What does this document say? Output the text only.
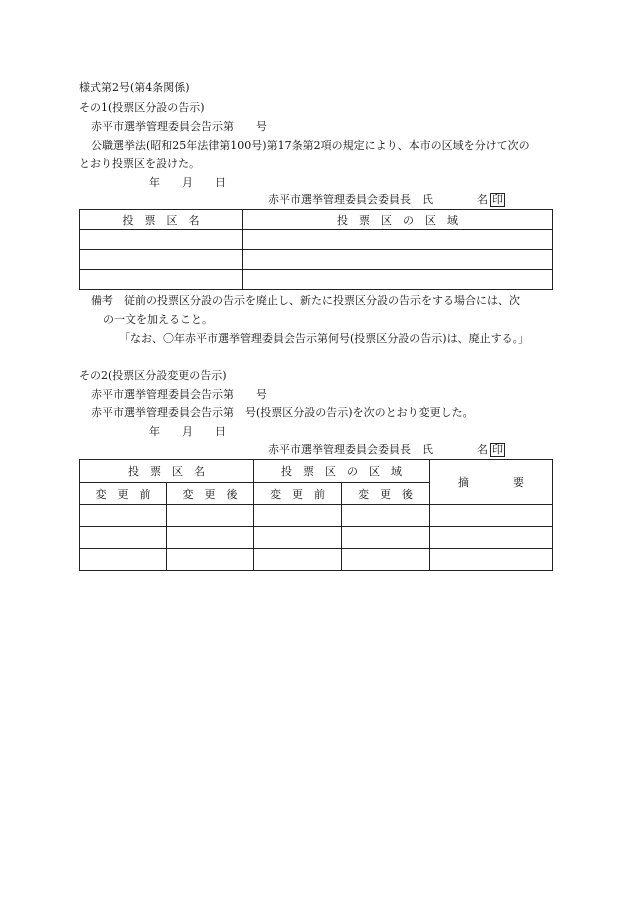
様式第2号(第4条関係)
その1(投票区分設の告示)
赤平市選挙管理委員会告示第　　号
公職選挙法(昭和25年法律第100号)第17条第2項の規定により、本市の区域を分けて次の
とおり投票区を設けた。
年　　月　　日
赤平市選挙管理委員会委員長　氏　　　　名 印
投　票　区　名	投　票　区　の　区　域

備考　従前の投票区分設の告示を廃止し、新たに投票区分設の告示をする場合には、次
の一文を加えること。
「なお、〇年赤平市選挙管理委員会告示第何号(投票区分設の告示)は、廃止する。」
その2(投票区分設変更の告示)
赤平市選挙管理委員会告示第　　号
赤平市選挙管理委員会告示第　号(投票区分設の告示)を次のとおり変更した。
年　　月　　日
赤平市選挙管理委員会委員長　氏　　　　名 印
投　票　区　名		投　票　区　の　区　域		摘　　　　要
変　更　前	変　更　後	変　更　前	変　更　後	
